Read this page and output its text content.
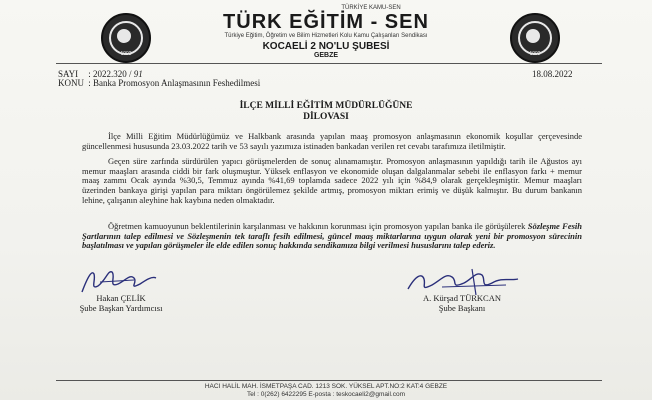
1992	1992
TÜRKİYE KAMU-SEN
TÜRK EĞİTİM - SEN
Türkiye Eğitim, Öğretim ve Bilim Hizmetleri Kolu Kamu Çalışanları Sendikası
KOCAELİ 2 NO'LU ŞUBESİ
GEBZE
SAYI : 2022.320 / 91
KONU : Banka Promosyon Anlaşmasının Feshedilmesi
18.08.2022
İLÇE MİLLİ EĞİTİM MÜDÜRLÜĞÜNE
DİLOVASI

İlçe Milli Eğitim Müdürlüğümüz ve Halkbank arasında yapılan maaş promosyon anlaşmasının ekonomik koşullar çerçevesinde güncellenmesi hususunda 23.03.2022 tarih ve 53 sayılı yazımıza istinaden bankadan verilen ret cevabı tarafımıza iletilmiştir.

Geçen süre zarfında sürdürülen yapıcı görüşmelerden de sonuç alınamamıştır. Promosyon anlaşmasının yapıldığı tarih ile Ağustos ayı memur maaşları arasında ciddi bir fark oluşmuştur. Yüksek enflasyon ve ekonomide oluşan dalgalanmalar sebebi ile enflasyon farkı + memur maaş zammı Ocak ayında %30,5, Temmuz ayında %41,69 toplamda sadece 2022 yılı için %84,9 olarak gerçekleşmiştir. Memur maaşları üzerinden bankaya girişi yapılan para miktarı öngörülemez şekilde artmış, promosyon miktarı erimiş ve düşük kalmıştır. Bu durum bankanın lehine, çalışanın aleyhine hak kaybına neden olmaktadır.

Öğretmen kamuoyunun beklentilerinin karşılanması ve hakkının korunması için promosyon yapılan banka ile görüşülerek Sözleşme Fesih Şartlarının talep edilmesi ve Sözleşmenin tek taraflı fesih edilmesi, güncel maaş miktarlarına uygun olarak yeni bir promosyon sürecinin başlatılması ve yapılan görüşmeler ile elde edilen sonuç hakkında sendikamıza bilgi verilmesi hususlarını talep ederiz.

Hakan ÇELİK
Şube Başkan Yardımcısı
A. Kürşad TÜRKCAN
Şube Başkanı
HACI HALİL MAH. İSMETPAŞA CAD. 1213 SOK. YÜKSEL APT.NO:2 KAT:4 GEBZE
Tel : 0(262) 6422295 E-posta : teskocaeli2@gmail.com
